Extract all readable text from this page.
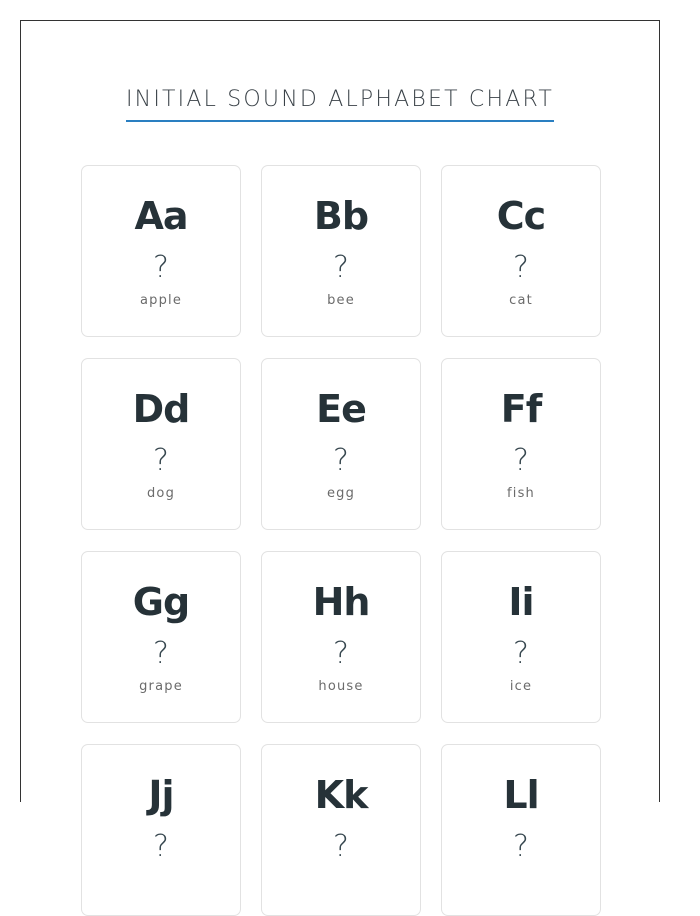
INITIAL SOUND ALPHABET CHART
Aa
?
apple
Bb
?
bee
Cc
?
cat
Dd
?
dog
Ee
?
egg
Ff
?
fish
Gg
?
grape
Hh
?
house
Ii
?
ice
Jj
?
Kk
?
Ll
?
